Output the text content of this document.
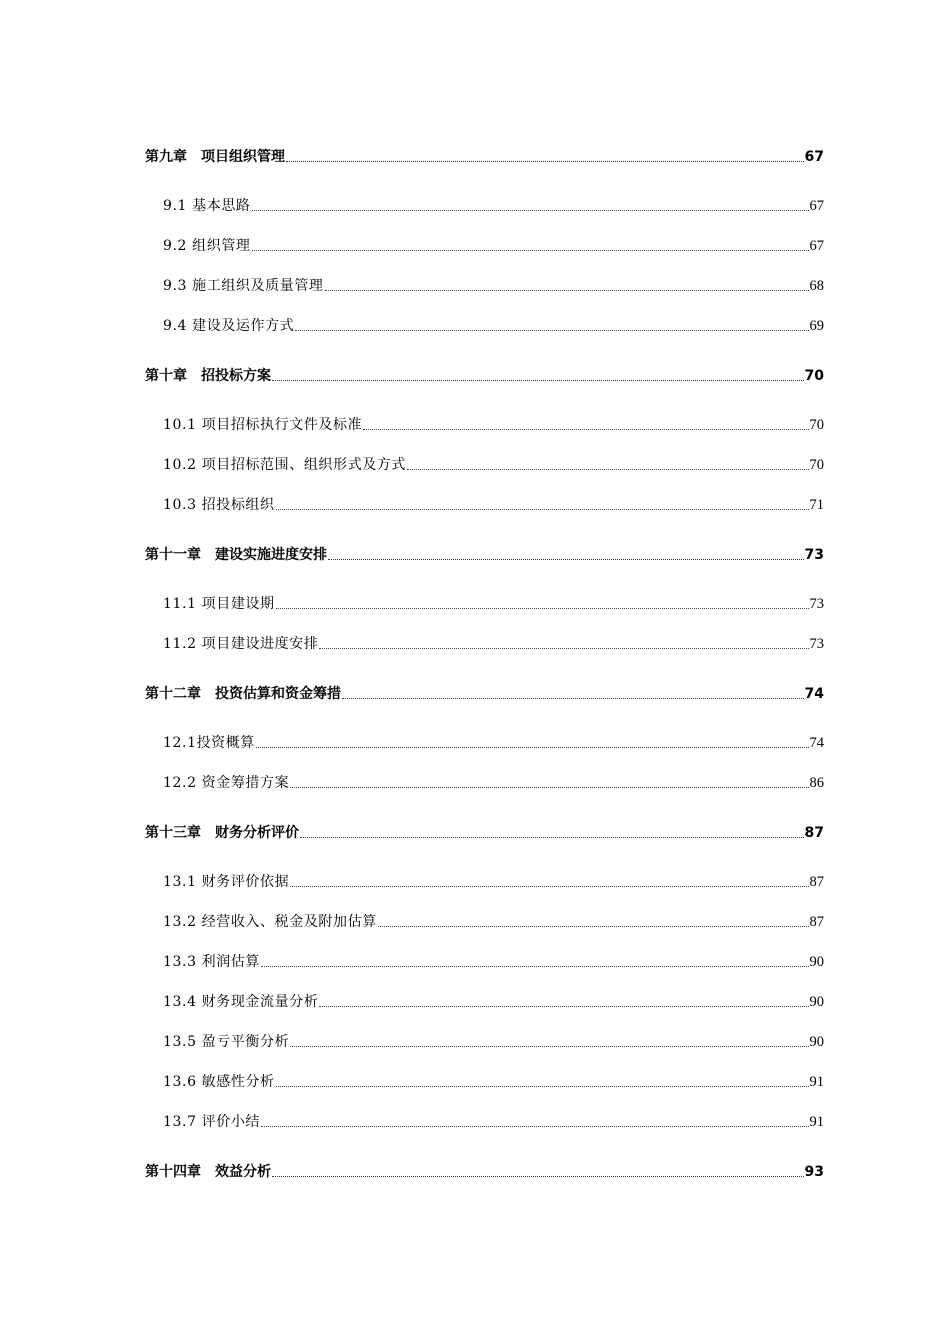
第九章　项目组织管理	67
9.1 基本思路	67
9.2 组织管理	67
9.3 施工组织及质量管理	68
9.4 建设及运作方式	69
第十章　招投标方案	70
10.1 项目招标执行文件及标准	70
10.2 项目招标范围、组织形式及方式	70
10.3 招投标组织	71
第十一章　建设实施进度安排	73
11.1 项目建设期	73
11.2 项目建设进度安排	73
第十二章　投资估算和资金筹措	74
12.1投资概算	74
12.2 资金筹措方案	86
第十三章　财务分析评价	87
13.1 财务评价依据	87
13.2 经营收入、税金及附加估算	87
13.3 利润估算	90
13.4 财务现金流量分析	90
13.5 盈亏平衡分析	90
13.6 敏感性分析	91
13.7 评价小结	91
第十四章　效益分析	93
